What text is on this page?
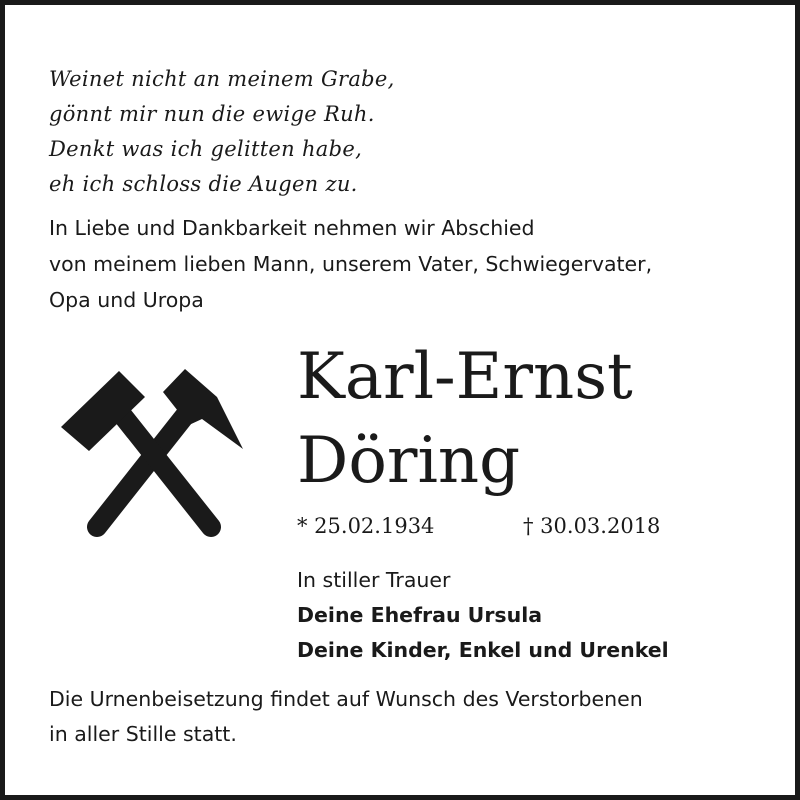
Weinet nicht an meinem Grabe,
gönnt mir nun die ewige Ruh.
Denkt was ich gelitten habe,
eh ich schloss die Augen zu.
In Liebe und Dankbarkeit nehmen wir Abschied
von meinem lieben Mann, unserem Vater, Schwiegervater,
Opa und Uropa
Karl-Ernst
Döring
* 25.02.1934	† 30.03.2018
In stiller Trauer
Deine Ehefrau Ursula
Deine Kinder, Enkel und Urenkel
Die Urnenbeisetzung findet auf Wunsch des Verstorbenen
in aller Stille statt.
